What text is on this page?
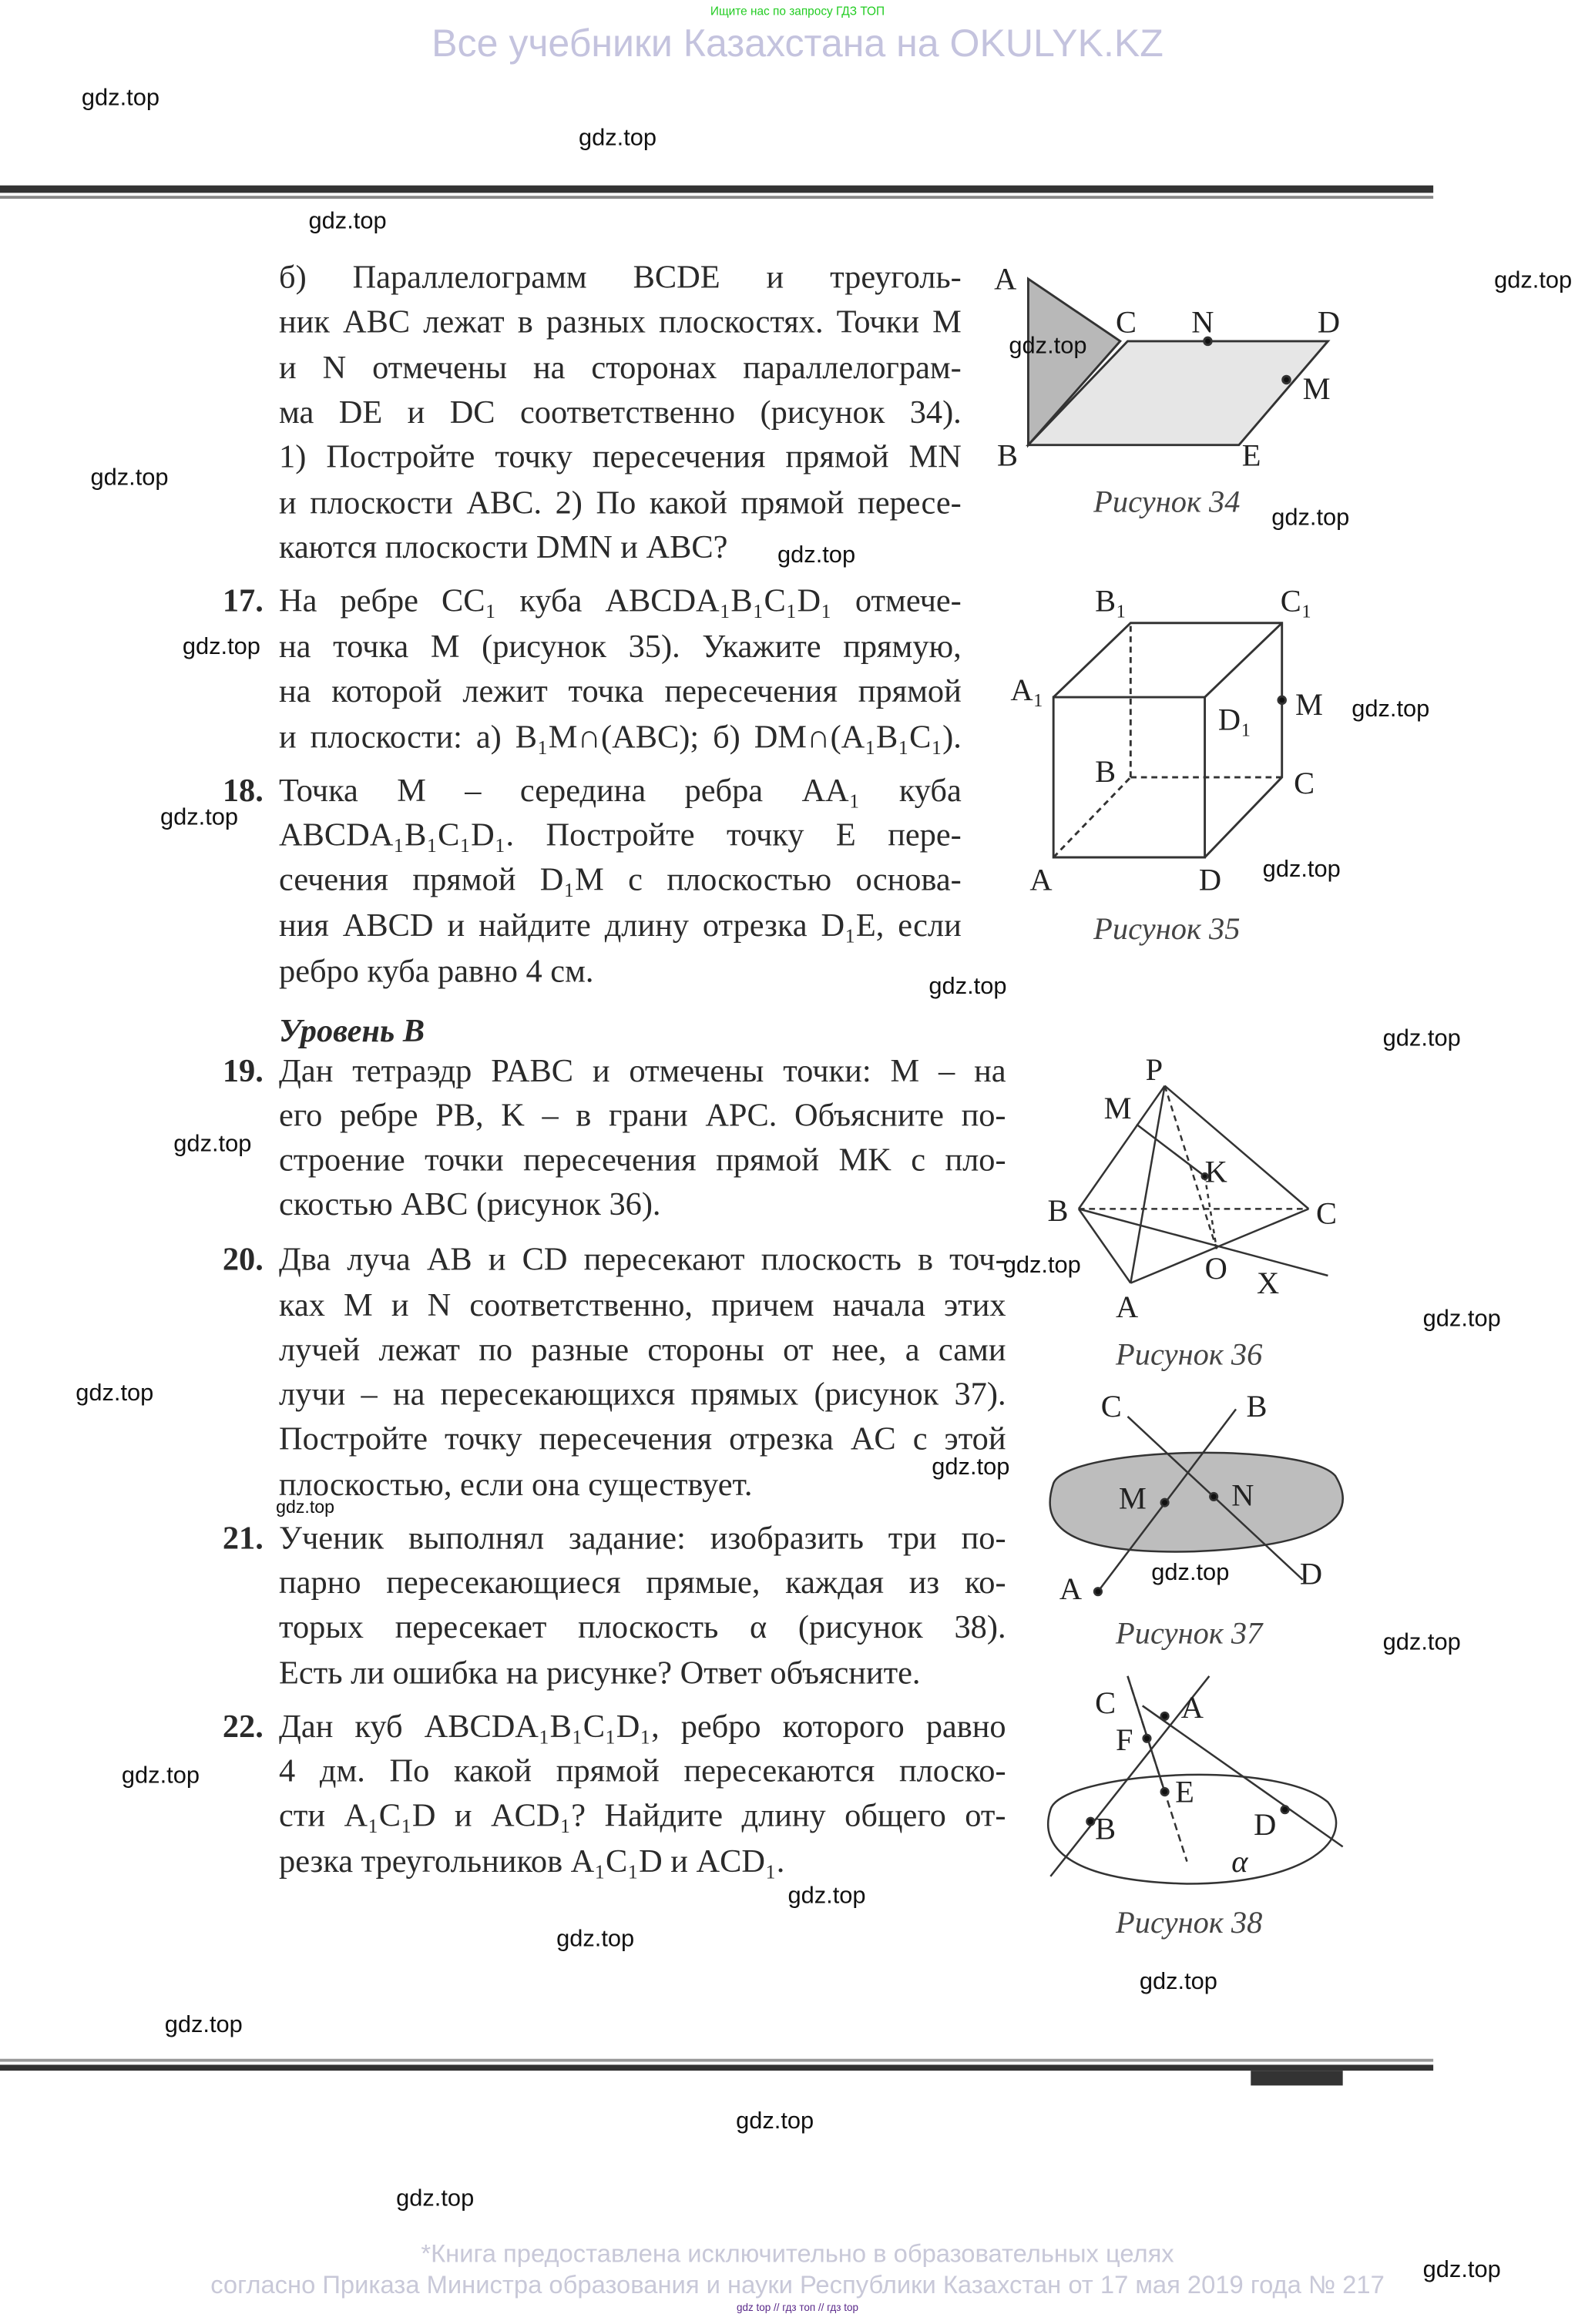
Ищите нас по запросу ГДЗ ТОП
Все учебники Казахстана на OKULYK.KZ
б) Параллелограмм BCDE и треуголь-
ник ABC лежат в разных плоскостях. Точки M
и N отмечены на сторонах параллелограм-
ма DE и DC соответственно (рисунок 34).
1) Постройте точку пересечения прямой MN
и плоскости ABC. 2) По какой прямой пересе-
каются плоскости DMN и ABC?
17. На ребре CC₁ куба ABCDA₁B₁C₁D₁ отмече-
на точка M (рисунок 35). Укажите прямую,
на которой лежит точка пересечения прямой
и плоскости: а) B₁M∩(ABC); б) DM∩(A₁B₁C₁).
18. Точка M – середина ребра AA₁ куба
ABCDA₁B₁C₁D₁. Постройте точку E пере-
сечения прямой D₁M с плоскостью основа-
ния ABCD и найдите длину отрезка D₁E, если
ребро куба равно 4 см.
Уровень В
19. Дан тетраэдр PABC и отмечены точки: M – на
его ребре PB, K – в грани APC. Объясните по-
строение точки пересечения прямой MK с пло-
скостью ABC (рисунок 36).
20. Два луча AB и CD пересекают плоскость в точ-
ках M и N соответственно, причем начала этих
лучей лежат по разные стороны от нее, а сами
лучи – на пересекающихся прямых (рисунок 37).
Постройте точку пересечения отрезка AC с этой
плоскостью, если она существует.
21. Ученик выполнял задание: изобразить три по-
парно пересекающиеся прямые, каждая из ко-
торых пересекает плоскость α (рисунок 38).
Есть ли ошибка на рисунке? Ответ объясните.
22. Дан куб ABCDA₁B₁C₁D₁, ребро которого равно
4 дм. По какой прямой пересекаются плоско-
сти A₁C₁D и ACD₁? Найдите длину общего от-
резка треугольников A₁C₁D и ACD₁.
A
C	N	D
M
B	E
B₁	C₁
A₁
D₁	M
B	C
A	D
P
M
K
B	C
O X
A
C	B
M	N
A	D
C	A
F
E
B	D
α
Рисунок 34
Рисунок 35
Рисунок 36
Рисунок 37
Рисунок 38
gdz.top
gdz.top
gdz.top
gdz.top
gdz.top
gdz.top
gdz.top
gdz.top
gdz.top
gdz.top
gdz.top
gdz.top
gdz.top
gdz.top
gdz.top
gdz.top
gdz.top
gdz.top
gdz.top
gdz.top
gdz.top
gdz.top
gdz.top
gdz.top
gdz.top
gdz.top
gdz.top
gdz.top
gdz.top
gdz.top
*Книга предоставлена исключительно в образовательных целях
согласно Приказа Министра образования и науки Республики Казахстан от 17 мая 2019 года № 217
gdz top // гдз топ // гдз top
